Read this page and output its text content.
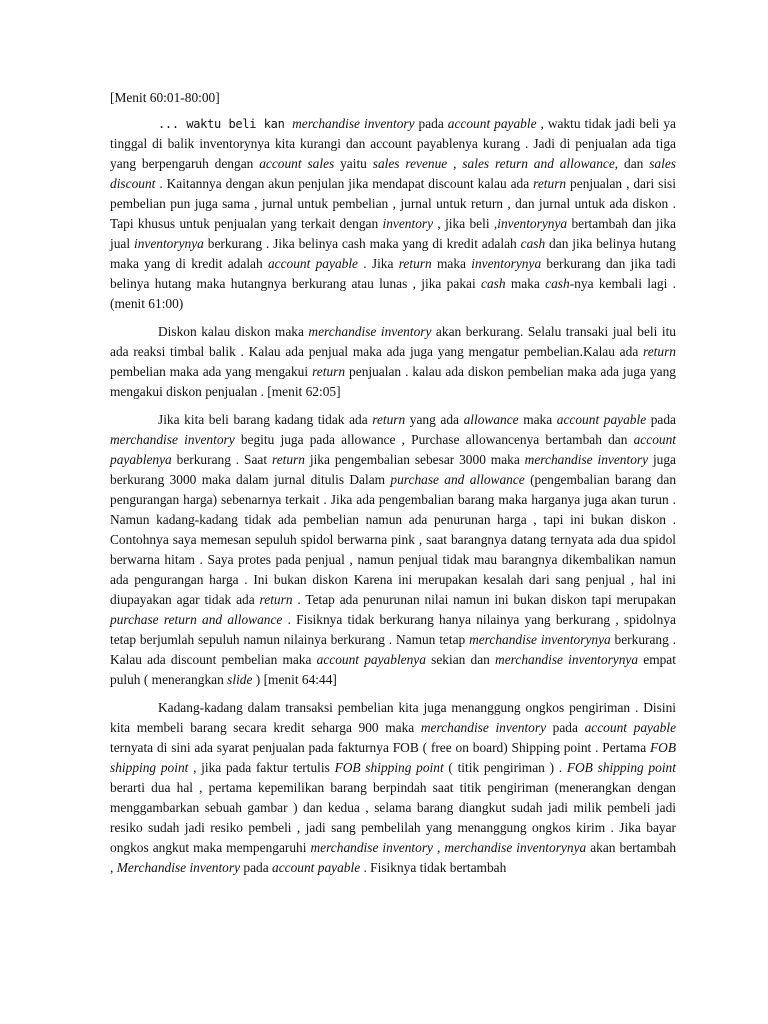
[Menit 60:01-80:00]

... waktu beli kan merchandise inventory pada account payable , waktu tidak jadi beli ya tinggal di balik inventorynya kita kurangi dan account payablenya kurang . Jadi di penjualan ada tiga yang berpengaruh dengan account sales yaitu sales revenue , sales return and allowance, dan sales discount . Kaitannya dengan akun penjulan jika mendapat discount kalau ada return penjualan , dari sisi pembelian pun juga sama , jurnal untuk pembelian , jurnal untuk return , dan jurnal untuk ada diskon . Tapi khusus untuk penjualan yang terkait dengan inventory , jika beli ,inventorynya bertambah dan jika jual inventorynya berkurang . Jika belinya cash maka yang di kredit adalah cash dan jika belinya hutang maka yang di kredit adalah account payable . Jika return maka inventorynya berkurang dan jika tadi belinya hutang maka hutangnya berkurang atau lunas , jika pakai cash maka cash-nya kembali lagi . (menit 61:00)

Diskon kalau diskon maka merchandise inventory akan berkurang. Selalu transaki jual beli itu ada reaksi timbal balik . Kalau ada penjual maka ada juga yang mengatur pembelian.Kalau ada return pembelian maka ada yang mengakui return penjualan . kalau ada diskon pembelian maka ada juga yang mengakui diskon penjualan . [menit 62:05]

Jika kita beli barang kadang tidak ada return yang ada allowance maka account payable pada merchandise inventory begitu juga pada allowance , Purchase allowancenya bertambah dan account payablenya berkurang . Saat return jika pengembalian sebesar 3000 maka merchandise inventory juga berkurang 3000 maka dalam jurnal ditulis Dalam purchase and allowance (pengembalian barang dan pengurangan harga) sebenarnya terkait . Jika ada pengembalian barang maka harganya juga akan turun . Namun kadang-kadang tidak ada pembelian namun ada penurunan harga , tapi ini bukan diskon . Contohnya saya memesan sepuluh spidol berwarna pink , saat barangnya datang ternyata ada dua spidol berwarna hitam . Saya protes pada penjual , namun penjual tidak mau barangnya dikembalikan namun ada pengurangan harga . Ini bukan diskon Karena ini merupakan kesalah dari sang penjual , hal ini diupayakan agar tidak ada return . Tetap ada penurunan nilai namun ini bukan diskon tapi merupakan purchase return and allowance . Fisiknya tidak berkurang hanya nilainya yang berkurang , spidolnya tetap berjumlah sepuluh namun nilainya berkurang . Namun tetap merchandise inventorynya berkurang . Kalau ada discount pembelian maka account payablenya sekian dan merchandise inventorynya empat puluh ( menerangkan slide ) [menit 64:44]

Kadang-kadang dalam transaksi pembelian kita juga menanggung ongkos pengiriman . Disini kita membeli barang secara kredit seharga 900 maka merchandise inventory pada account payable ternyata di sini ada syarat penjualan pada fakturnya FOB ( free on board) Shipping point . Pertama FOB shipping point , jika pada faktur tertulis FOB shipping point ( titik pengiriman ) . FOB shipping point berarti dua hal , pertama kepemilikan barang berpindah saat titik pengiriman (menerangkan dengan menggambarkan sebuah gambar ) dan kedua , selama barang diangkut sudah jadi milik pembeli jadi resiko sudah jadi resiko pembeli , jadi sang pembelilah yang menanggung ongkos kirim . Jika bayar ongkos angkut maka mempengaruhi merchandise inventory , merchandise inventorynya akan bertambah , Merchandise inventory pada account payable . Fisiknya tidak bertambah
